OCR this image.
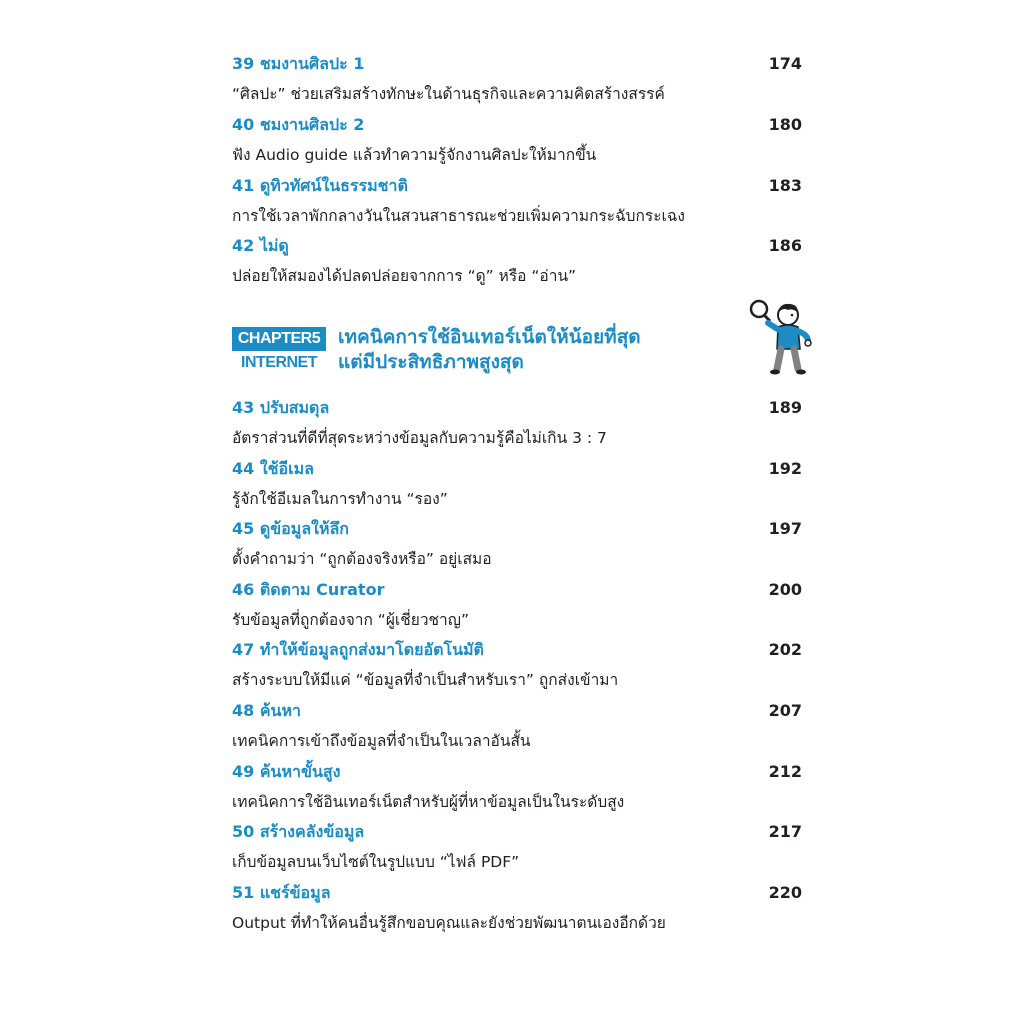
39 ชมงานศิลปะ 1	174
“ศิลปะ” ช่วยเสริมสร้างทักษะในด้านธุรกิจและความคิดสร้างสรรค์
40 ชมงานศิลปะ 2	180
ฟัง Audio guide แล้วทำความรู้จักงานศิลปะให้มากขึ้น
41 ดูทิวทัศน์ในธรรมชาติ	183
การใช้เวลาพักกลางวันในสวนสาธารณะช่วยเพิ่มความกระฉับกระเฉง
42 ไม่ดู	186
ปล่อยให้สมองได้ปลดปล่อยจากการ “ดู” หรือ “อ่าน”
CHAPTER5
INTERNET
เทคนิคการใช้อินเทอร์เน็ตให้น้อยที่สุด
แต่มีประสิทธิภาพสูงสุด
43 ปรับสมดุล	189
อัตราส่วนที่ดีที่สุดระหว่างข้อมูลกับความรู้คือไม่เกิน 3 : 7
44 ใช้อีเมล	192
รู้จักใช้อีเมลในการทำงาน “รอง”
45 ดูข้อมูลให้ลึก	197
ตั้งคำถามว่า “ถูกต้องจริงหรือ” อยู่เสมอ
46 ติดตาม Curator	200
รับข้อมูลที่ถูกต้องจาก “ผู้เชี่ยวชาญ”
47 ทำให้ข้อมูลถูกส่งมาโดยอัตโนมัติ	202
สร้างระบบให้มีแค่ “ข้อมูลที่จำเป็นสำหรับเรา” ถูกส่งเข้ามา
48 ค้นหา	207
เทคนิคการเข้าถึงข้อมูลที่จำเป็นในเวลาอันสั้น
49 ค้นหาขั้นสูง	212
เทคนิคการใช้อินเทอร์เน็ตสำหรับผู้ที่หาข้อมูลเป็นในระดับสูง
50 สร้างคลังข้อมูล	217
เก็บข้อมูลบนเว็บไซต์ในรูปแบบ “ไฟล์ PDF”
51 แชร์ข้อมูล	220
Output ที่ทำให้คนอื่นรู้สึกขอบคุณและยังช่วยพัฒนาตนเองอีกด้วย
